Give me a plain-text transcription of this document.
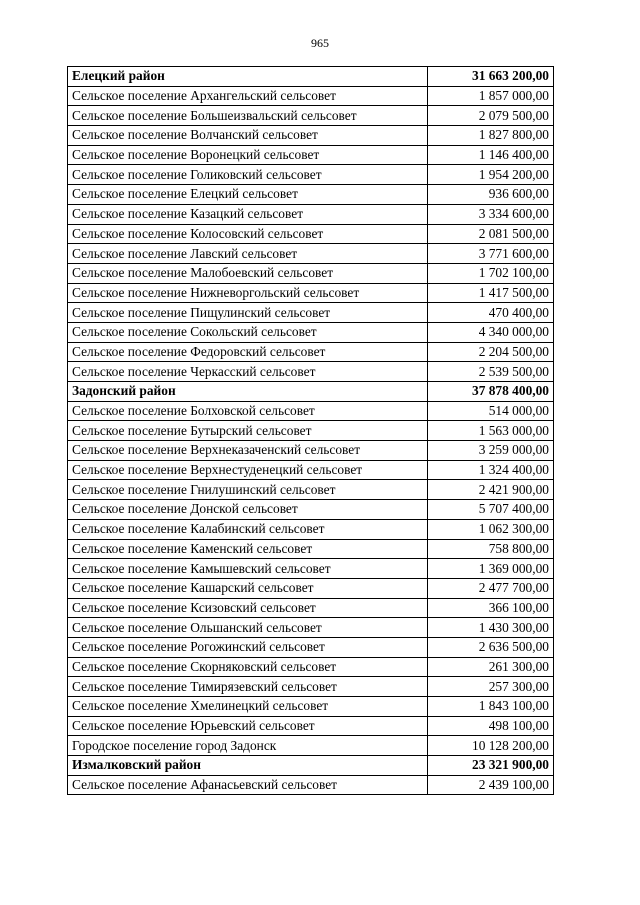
965
Елецкий район	31 663 200,00
Сельское поселение Архангельский сельсовет	1 857 000,00
Сельское поселение Большеизвальский сельсовет	2 079 500,00
Сельское поселение Волчанский сельсовет	1 827 800,00
Сельское поселение Воронецкий сельсовет	1 146 400,00
Сельское поселение Голиковский сельсовет	1 954 200,00
Сельское поселение Елецкий сельсовет	936 600,00
Сельское поселение Казацкий сельсовет	3 334 600,00
Сельское поселение Колосовский сельсовет	2 081 500,00
Сельское поселение Лавский сельсовет	3 771 600,00
Сельское поселение Малобоевский сельсовет	1 702 100,00
Сельское поселение Нижневоргольский сельсовет	1 417 500,00
Сельское поселение Пищулинский сельсовет	470 400,00
Сельское поселение Сокольский сельсовет	4 340 000,00
Сельское поселение Федоровский сельсовет	2 204 500,00
Сельское поселение Черкасский сельсовет	2 539 500,00
Задонский район	37 878 400,00
Сельское поселение Болховской сельсовет	514 000,00
Сельское поселение Бутырский сельсовет	1 563 000,00
Сельское поселение Верхнеказаченский сельсовет	3 259 000,00
Сельское поселение Верхнестуденецкий сельсовет	1 324 400,00
Сельское поселение Гнилушинский сельсовет	2 421 900,00
Сельское поселение Донской сельсовет	5 707 400,00
Сельское поселение Калабинский сельсовет	1 062 300,00
Сельское поселение Каменский сельсовет	758 800,00
Сельское поселение Камышевский сельсовет	1 369 000,00
Сельское поселение Кашарский сельсовет	2 477 700,00
Сельское поселение Ксизовский сельсовет	366 100,00
Сельское поселение Ольшанский сельсовет	1 430 300,00
Сельское поселение Рогожинский сельсовет	2 636 500,00
Сельское поселение Скорняковский сельсовет	261 300,00
Сельское поселение Тимирязевский сельсовет	257 300,00
Сельское поселение Хмелинецкий сельсовет	1 843 100,00
Сельское поселение Юрьевский сельсовет	498 100,00
Городское поселение город Задонск	10 128 200,00
Измалковский район	23 321 900,00
Сельское поселение Афанасьевский сельсовет	2 439 100,00
